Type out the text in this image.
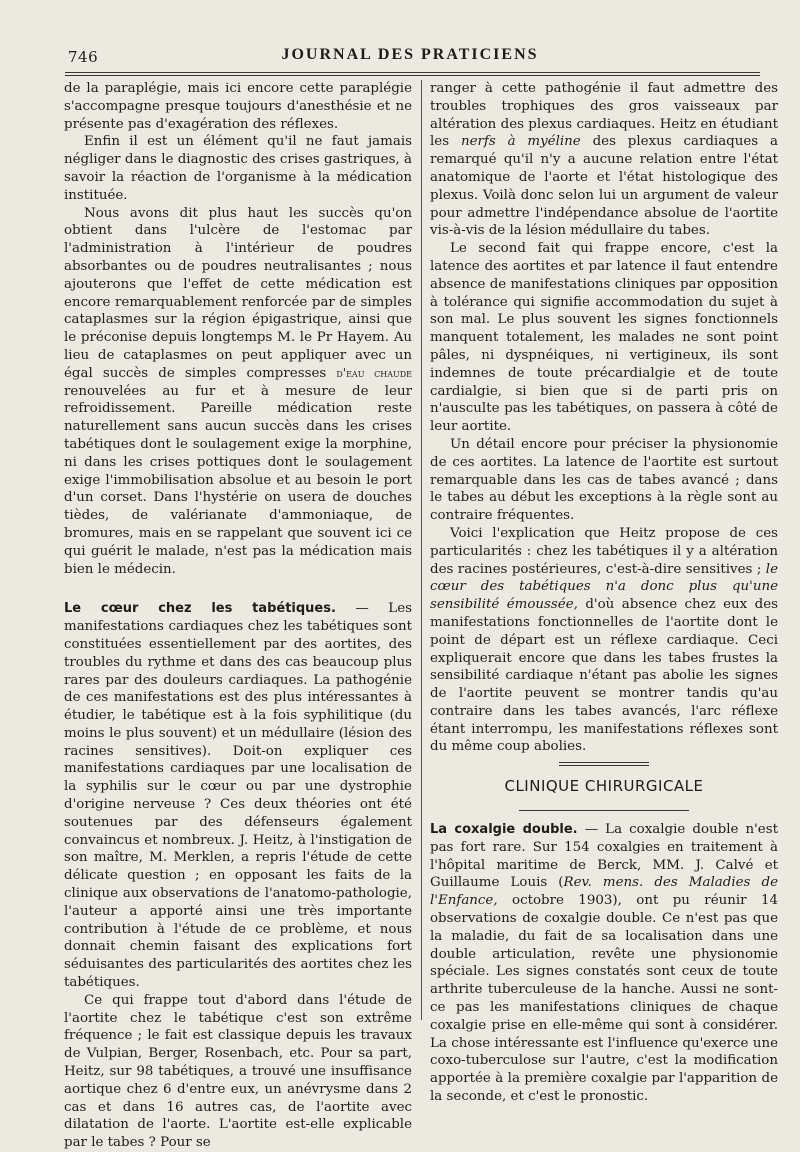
746	JOURNAL DES PRATICIENS

de la paraplégie, mais ici encore cette paraplégie s'accompagne presque toujours d'anesthésie et ne présente pas d'exagération des réflexes.

Enfin il est un élément qu'il ne faut jamais négliger dans le diagnostic des crises gastriques, à savoir la réaction de l'organisme à la médication instituée.

Nous avons dit plus haut les succès qu'on obtient dans l'ulcère de l'estomac par l'administration à l'intérieur de poudres absorbantes ou de poudres neutralisantes ; nous ajouterons que l'effet de cette médication est encore remarquablement renforcée par de simples cataplasmes sur la région épigastrique, ainsi que le préconise depuis longtemps M. le Pr Hayem. Au lieu de cataplasmes on peut appliquer avec un égal succès de simples compresses d'eau chaude renouvelées au fur et à mesure de leur refroidissement. Pareille médication reste naturellement sans aucun succès dans les crises tabétiques dont le soulagement exige la morphine, ni dans les crises pottiques dont le soulagement exige l'immobilisation absolue et au besoin le port d'un corset. Dans l'hystérie on usera de douches tièdes, de valérianate d'ammoniaque, de bromures, mais en se rappelant que souvent ici ce qui guérit le malade, n'est pas la médication mais bien le médecin.

Le cœur chez les tabétiques. — Les manifestations cardiaques chez les tabétiques sont constituées essentiellement par des aortites, des troubles du rythme et dans des cas beaucoup plus rares par des douleurs cardiaques. La pathogénie de ces manifestations est des plus intéressantes à étudier, le tabétique est à la fois syphilitique (du moins le plus souvent) et un médullaire (lésion des racines sensitives). Doit-on expliquer ces manifestations cardiaques par une localisation de la syphilis sur le cœur ou par une dystrophie d'origine nerveuse ? Ces deux théories ont été soutenues par des défenseurs également convaincus et nombreux. J. Heitz, à l'instigation de son maître, M. Merklen, a repris l'étude de cette délicate question ; en opposant les faits de la clinique aux observations de l'anatomo-pathologie, l'auteur a apporté ainsi une très importante contribution à l'étude de ce problème, et nous donnait chemin faisant des explications fort séduisantes des particularités des aortites chez les tabétiques.

Ce qui frappe tout d'abord dans l'étude de l'aortite chez le tabétique c'est son extrême fréquence ; le fait est classique depuis les travaux de Vulpian, Berger, Rosenbach, etc. Pour sa part, Heitz, sur 98 tabétiques, a trouvé une insuffisance aortique chez 6 d'entre eux, un anévrysme dans 2 cas et dans 16 autres cas, de l'aortite avec dilatation de l'aorte. L'aortite est-elle explicable par le tabes ? Pour se

ranger à cette pathogénie il faut admettre des troubles trophiques des gros vaisseaux par altération des plexus cardiaques. Heitz en étudiant les nerfs à myéline des plexus cardiaques a remarqué qu'il n'y a aucune relation entre l'état anatomique de l'aorte et l'état histologique des plexus. Voilà donc selon lui un argument de valeur pour admettre l'indépendance absolue de l'aortite vis-à-vis de la lésion médullaire du tabes.

Le second fait qui frappe encore, c'est la latence des aortites et par latence il faut entendre absence de manifestations cliniques par opposition à tolérance qui signifie accommodation du sujet à son mal. Le plus souvent les signes fonctionnels manquent totalement, les malades ne sont point pâles, ni dyspnéiques, ni vertigineux, ils sont indemnes de toute précardialgie et de toute cardialgie, si bien que si de parti pris on n'ausculte pas les tabétiques, on passera à côté de leur aortite.

Un détail encore pour préciser la physionomie de ces aortites. La latence de l'aortite est surtout remarquable dans les cas de tabes avancé ; dans le tabes au début les exceptions à la règle sont au contraire fréquentes.

Voici l'explication que Heitz propose de ces particularités : chez les tabétiques il y a altération des racines postérieures, c'est-à-dire sensitives ; le cœur des tabétiques n'a donc plus qu'une sensibilité émoussée, d'où absence chez eux des manifestations fonctionnelles de l'aortite dont le point de départ est un réflexe cardiaque. Ceci expliquerait encore que dans les tabes frustes la sensibilité cardiaque n'étant pas abolie les signes de l'aortite peuvent se montrer tandis qu'au contraire dans les tabes avancés, l'arc réflexe étant interrompu, les manifestations réflexes sont du même coup abolies.

CLINIQUE CHIRURGICALE

La coxalgie double. — La coxalgie double n'est pas fort rare. Sur 154 coxalgies en traitement à l'hôpital maritime de Berck, MM. J. Calvé et Guillaume Louis (Rev. mens. des Maladies de l'Enfance, octobre 1903), ont pu réunir 14 observations de coxalgie double. Ce n'est pas que la maladie, du fait de sa localisation dans une double articulation, revête une physionomie spéciale. Les signes constatés sont ceux de toute arthrite tuberculeuse de la hanche. Aussi ne sont-ce pas les manifestations cliniques de chaque coxalgie prise en elle-même qui sont à considérer. La chose intéressante est l'influence qu'exerce une coxo-tuberculose sur l'autre, c'est la modification apportée à la première coxalgie par l'apparition de la seconde, et c'est le pronostic.
